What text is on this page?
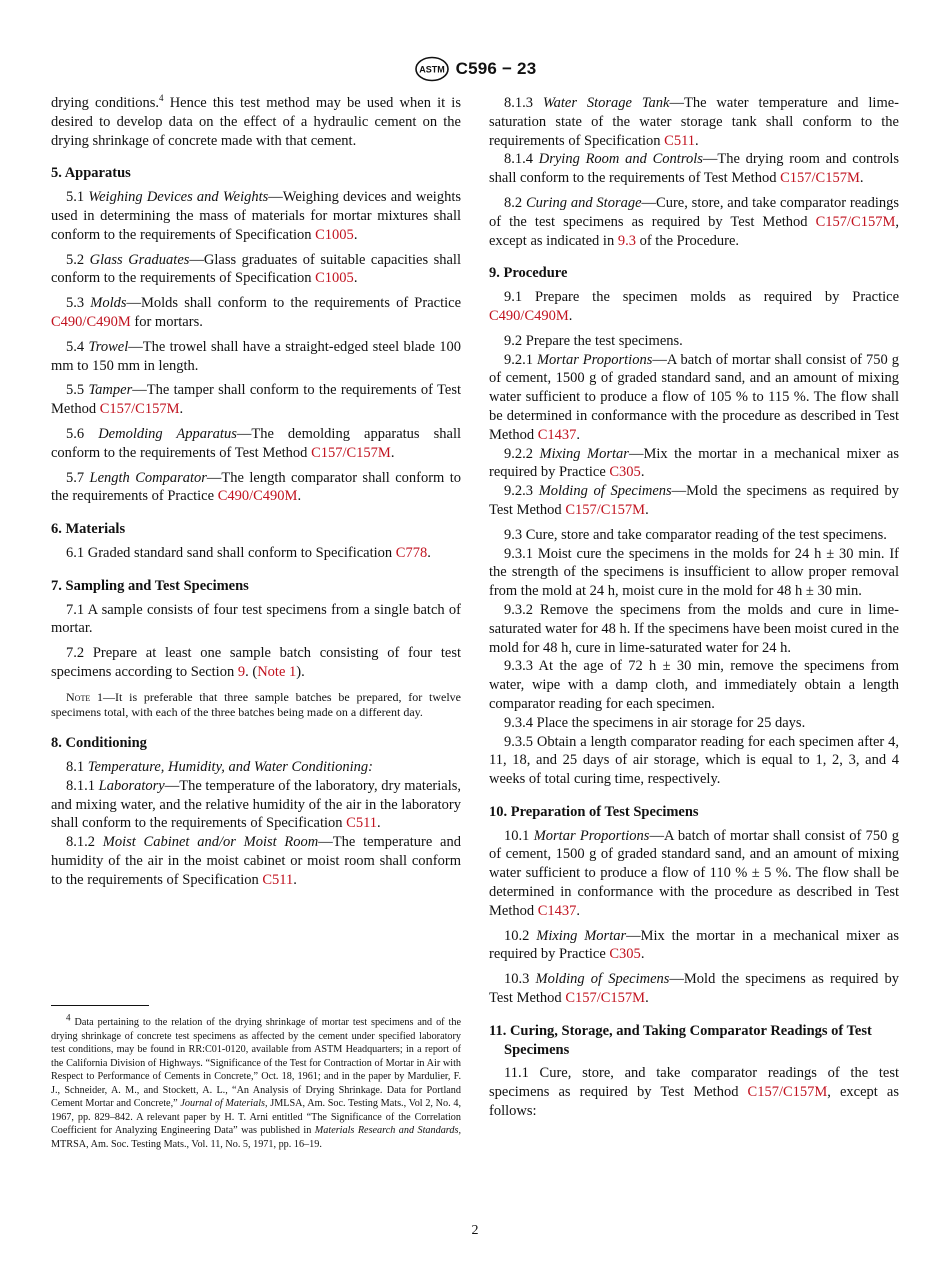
ASTM C596 − 23

drying conditions.$^4$ Hence this test method may be used when it is desired to develop data on the effect of a hydraulic cement on the drying shrinkage of concrete made with that cement.

5. Apparatus

5.1 Weighing Devices and Weights—Weighing devices and weights used in determining the mass of materials for mortar mixtures shall conform to the requirements of Specification C1005.

5.2 Glass Graduates—Glass graduates of suitable capacities shall conform to the requirements of Specification C1005.

5.3 Molds—Molds shall conform to the requirements of Practice C490/C490M for mortars.

5.4 Trowel—The trowel shall have a straight-edged steel blade 100 mm to 150 mm in length.

5.5 Tamper—The tamper shall conform to the requirements of Test Method C157/C157M.

5.6 Demolding Apparatus—The demolding apparatus shall conform to the requirements of Test Method C157/C157M.

5.7 Length Comparator—The length comparator shall conform to the requirements of Practice C490/C490M.

6. Materials

6.1 Graded standard sand shall conform to Specification C778.

7. Sampling and Test Specimens

7.1 A sample consists of four test specimens from a single batch of mortar.

7.2 Prepare at least one sample batch consisting of four test specimens according to Section 9. (Note 1).

Note 1—It is preferable that three sample batches be prepared, for twelve specimens total, with each of the three batches being made on a different day.

8. Conditioning

8.1 Temperature, Humidity, and Water Conditioning:

8.1.1 Laboratory—The temperature of the laboratory, dry materials, and mixing water, and the relative humidity of the air in the laboratory shall conform to the requirements of Specification C511.

8.1.2 Moist Cabinet and/or Moist Room—The temperature and humidity of the air in the moist cabinet or moist room shall conform to the requirements of Specification C511.

$^4$ Data pertaining to the relation of the drying shrinkage of mortar test specimens and of the drying shrinkage of concrete test specimens as affected by the cement under specified laboratory test conditions, may be found in RR:C01-0120, available from ASTM Headquarters; in a report of the California Division of Highways. “Significance of the Test for Contraction of Mortar in Air with Respect to Performance of Cements in Concrete,” Oct. 18, 1961; and in the paper by Mardulier, F. J., Schneider, A. M., and Stockett, A. L., “An Analysis of Drying Shrinkage. Data for Portland Cement Mortar and Concrete,” Journal of Materials, JMLSA, Am. Soc. Testing Mats., Vol 2, No. 4, 1967, pp. 829–842. A relevant paper by H. T. Arni entitled “The Significance of the Correlation Coefficient for Analyzing Engineering Data” was published in Materials Research and Standards, MTRSA, Am. Soc. Testing Mats., Vol. 11, No. 5, 1971, pp. 16–19.

8.1.3 Water Storage Tank—The water temperature and lime-saturation state of the water storage tank shall conform to the requirements of Specification C511.

8.1.4 Drying Room and Controls—The drying room and controls shall conform to the requirements of Test Method C157/C157M.

8.2 Curing and Storage—Cure, store, and take comparator readings of the test specimens as required by Test Method C157/C157M, except as indicated in 9.3 of the Procedure.

9. Procedure

9.1 Prepare the specimen molds as required by Practice C490/C490M.

9.2 Prepare the test specimens.

9.2.1 Mortar Proportions—A batch of mortar shall consist of 750 g of cement, 1500 g of graded standard sand, and an amount of mixing water sufficient to produce a flow of 105 % to 115 %. The flow shall be determined in conformance with the procedure as described in Test Method C1437.

9.2.2 Mixing Mortar—Mix the mortar in a mechanical mixer as required by Practice C305.

9.2.3 Molding of Specimens—Mold the specimens as required by Test Method C157/C157M.

9.3 Cure, store and take comparator reading of the test specimens.

9.3.1 Moist cure the specimens in the molds for 24 h ± 30 min. If the strength of the specimens is insufficient to allow proper removal from the mold at 24 h, moist cure in the mold for 48 h ± 30 min.

9.3.2 Remove the specimens from the molds and cure in lime-saturated water for 48 h. If the specimens have been moist cured in the mold for 48 h, cure in lime-saturated water for 24 h.

9.3.3 At the age of 72 h ± 30 min, remove the specimens from water, wipe with a damp cloth, and immediately obtain a length comparator reading for each specimen.

9.3.4 Place the specimens in air storage for 25 days.

9.3.5 Obtain a length comparator reading for each specimen after 4, 11, 18, and 25 days of air storage, which is equal to 1, 2, 3, and 4 weeks of total curing time, respectively.

10. Preparation of Test Specimens

10.1 Mortar Proportions—A batch of mortar shall consist of 750 g of cement, 1500 g of graded standard sand, and an amount of mixing water sufficient to produce a flow of 110 % ± 5 %. The flow shall be determined in conformance with the procedure as described in Test Method C1437.

10.2 Mixing Mortar—Mix the mortar in a mechanical mixer as required by Practice C305.

10.3 Molding of Specimens—Mold the specimens as required by Test Method C157/C157M.

11. Curing, Storage, and Taking Comparator Readings of Test Specimens

11.1 Cure, store, and take comparator readings of the test specimens as required by Test Method C157/C157M, except as follows:

2
